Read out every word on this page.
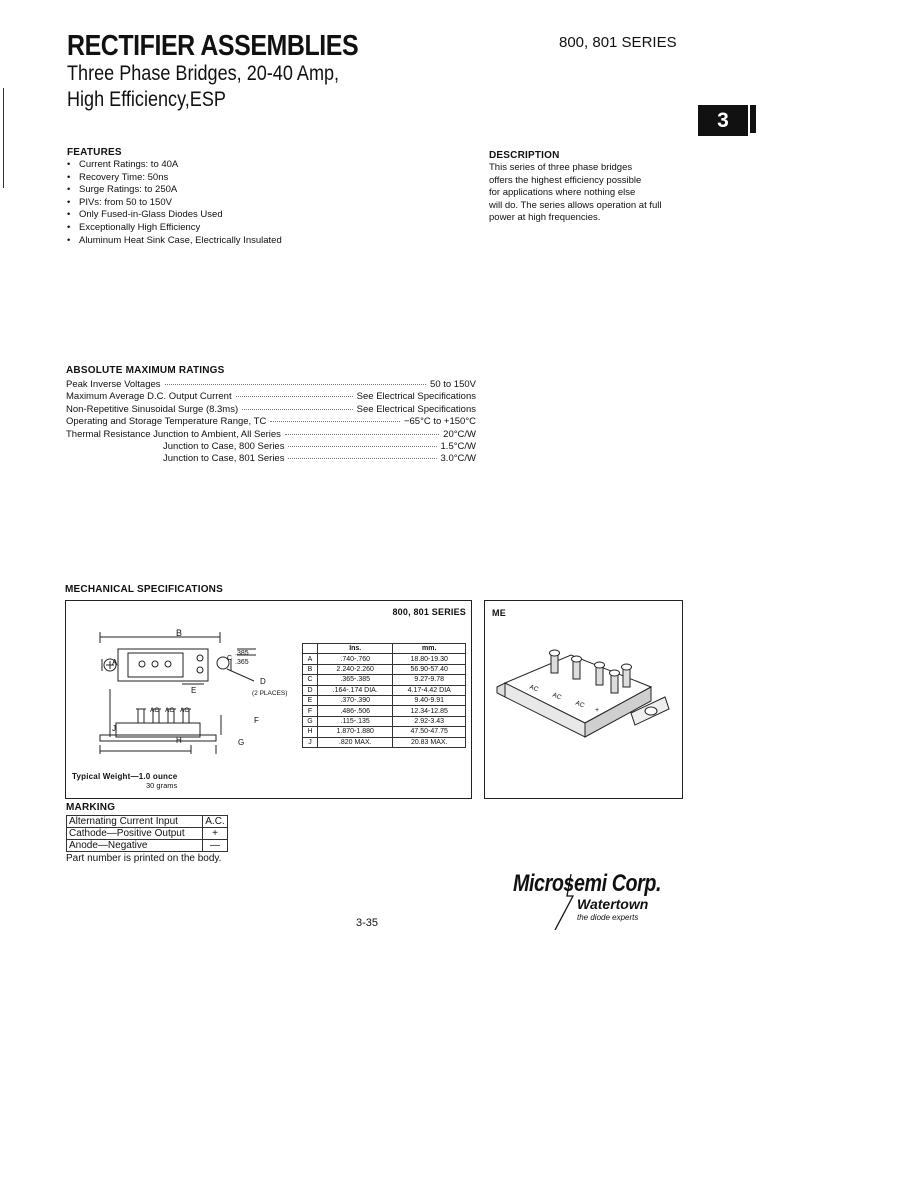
RECTIFIER ASSEMBLIES
Three Phase Bridges, 20-40 Amp,
High Efficiency,ESP
800, 801 SERIES
3
FEATURES
• Current Ratings: to 40A
• Recovery Time: 50ns
• Surge Ratings: to 250A
• PIVs: from 50 to 150V
• Only Fused-in-Glass Diodes Used
• Exceptionally High Efficiency
• Aluminum Heat Sink Case, Electrically Insulated
DESCRIPTION
This series of three phase bridges
offers the highest efficiency possible
for applications where nothing else
will do. The series allows operation at full
power at high frequencies.
ABSOLUTE MAXIMUM RATINGS
Peak Inverse Voltages	50 to 150V
Maximum Average D.C. Output Current	See Electrical Specifications
Non-Repetitive Sinusoidal Surge (8.3ms)	See Electrical Specifications
Operating and Storage Temperature Range, TC	−65°C to +150°C
Thermal Resistance Junction to Ambient, All Series	20°C/W
Junction to Case, 800 Series	1.5°C/W
Junction to Case, 801 Series	3.0°C/W
MECHANICAL SPECIFICATIONS
800, 801 SERIES
B
A
.385
C
.365
E
D
(2 PLACES)
F
H	G
J
AC AC AC
	Ins.	mm.
A	.740-.760	18.80-19.30
B	2.240-2.260	56.90-57.40
C	.365-.385	9.27-9.78
D	.164-.174 DIA.	4.17-4.42 DIA
E	.370-.390	9.40-9.91
F	.486-.506	12.34-12.85
G	.115-.135	2.92-3.43
H	1.870-1.880	47.50-47.75
J	.820 MAX.	20.83 MAX.
Typical Weight—1.0 ounce
30 grams
ME
AC
AC
AC
+
MARKING
Alternating Current Input	A.C.
Cathode—Positive Output	+
Anode—Negative	—
Part number is printed on the body.
3-35
Microsemi Corp.
Watertown
the diode experts
